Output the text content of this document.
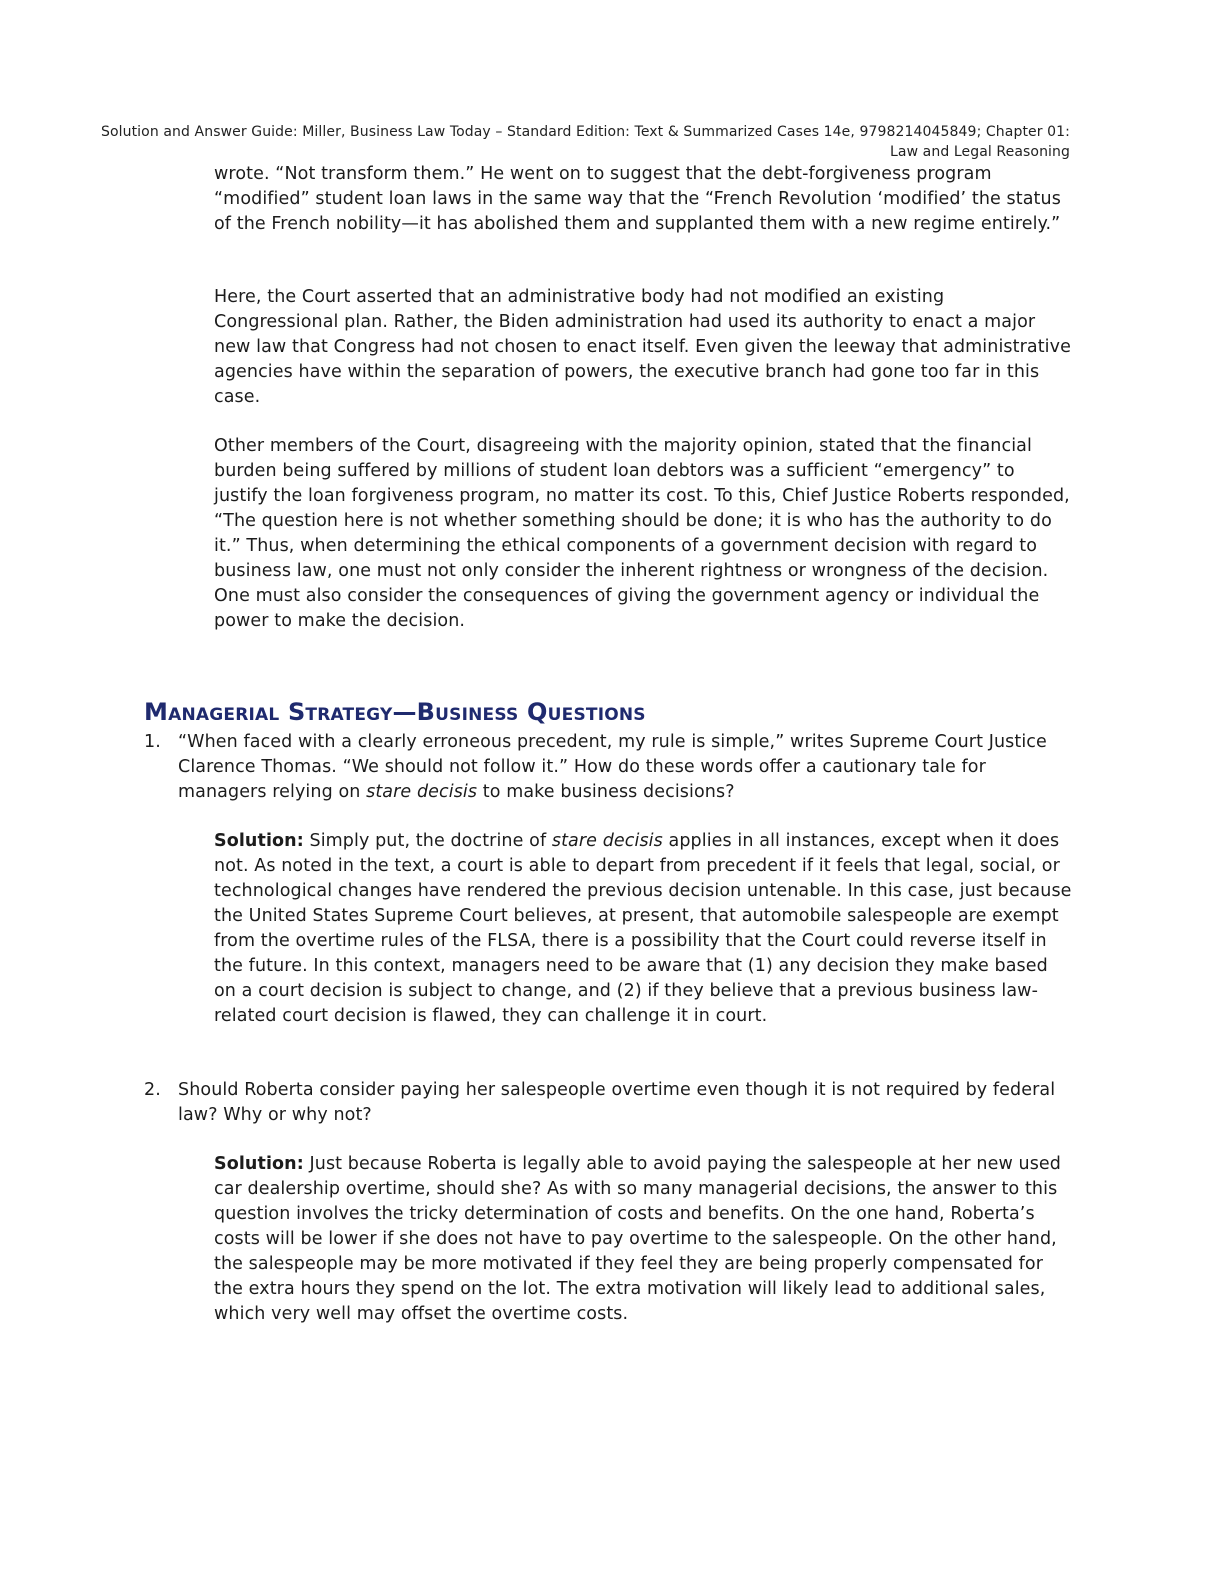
Solution and Answer Guide: Miller, Business Law Today – Standard Edition: Text & Summarized Cases 14e, 9798214045849; Chapter 01:
Law and Legal Reasoning

wrote. “Not transform them.” He went on to suggest that the debt-forgiveness program “modified” student loan laws in the same way that the “French Revolution ‘modified’ the status of the French nobility—it has abolished them and supplanted them with a new regime entirely.”

Here, the Court asserted that an administrative body had not modified an existing Congressional plan. Rather, the Biden administration had used its authority to enact a major new law that Congress had not chosen to enact itself. Even given the leeway that administrative agencies have within the separation of powers, the executive branch had gone too far in this case.

Other members of the Court, disagreeing with the majority opinion, stated that the financial burden being suffered by millions of student loan debtors was a sufficient “emergency” to justify the loan forgiveness program, no matter its cost. To this, Chief Justice Roberts responded, “The question here is not whether something should be done; it is who has the authority to do it.” Thus, when determining the ethical components of a government decision with regard to business law, one must not only consider the inherent rightness or wrongness of the decision. One must also consider the consequences of giving the government agency or individual the power to make the decision.

Managerial Strategy—Business Questions
1. “When faced with a clearly erroneous precedent, my rule is simple,” writes Supreme Court Justice Clarence Thomas. “We should not follow it.” How do these words offer a cautionary tale for managers relying on stare decisis to make business decisions?
Solution: Simply put, the doctrine of stare decisis applies in all instances, except when it does not. As noted in the text, a court is able to depart from precedent if it feels that legal, social, or technological changes have rendered the previous decision untenable. In this case, just because the United States Supreme Court believes, at present, that automobile salespeople are exempt from the overtime rules of the FLSA, there is a possibility that the Court could reverse itself in the future. In this context, managers need to be aware that (1) any decision they make based on a court decision is subject to change, and (2) if they believe that a previous business law-related court decision is flawed, they can challenge it in court.
2. Should Roberta consider paying her salespeople overtime even though it is not required by federal law? Why or why not?
Solution: Just because Roberta is legally able to avoid paying the salespeople at her new used car dealership overtime, should she? As with so many managerial decisions, the answer to this question involves the tricky determination of costs and benefits. On the one hand, Roberta’s costs will be lower if she does not have to pay overtime to the salespeople. On the other hand, the salespeople may be more motivated if they feel they are being properly compensated for the extra hours they spend on the lot. The extra motivation will likely lead to additional sales, which very well may offset the overtime costs.
